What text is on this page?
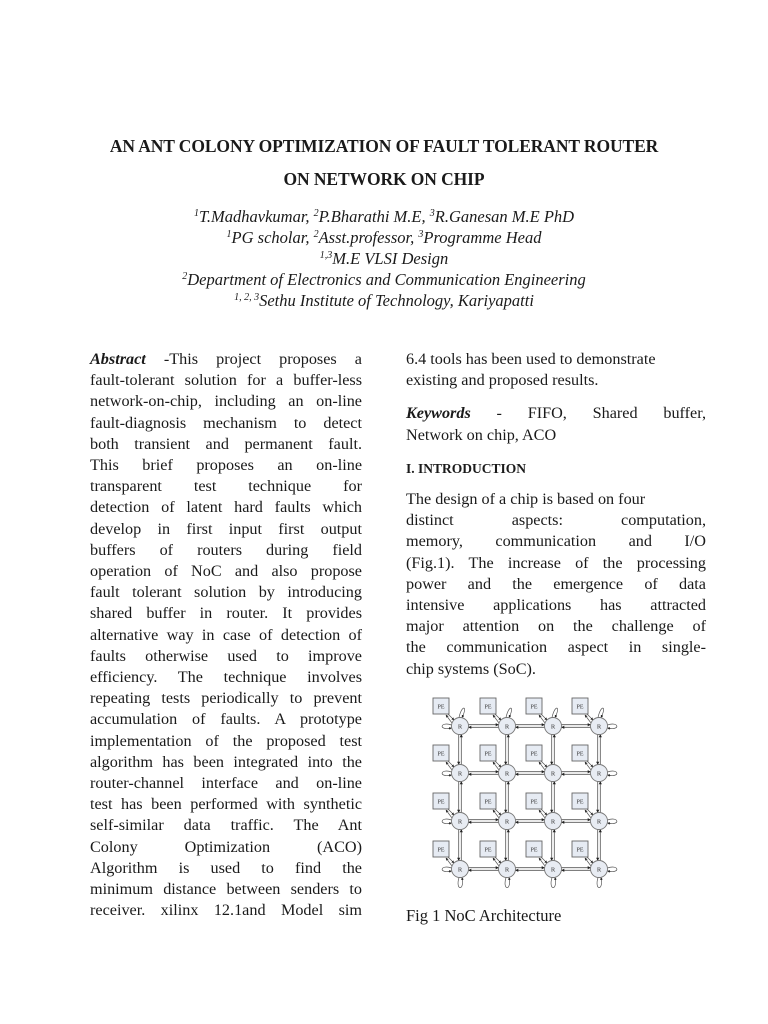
AN ANT COLONY OPTIMIZATION OF FAULT TOLERANT ROUTER
ON NETWORK ON CHIP
$^1$T.Madhavkumar, $^2$P.Bharathi M.E, $^3$R.Ganesan M.E PhD
$^1$PG scholar, $^2$Asst.professor, $^3$Programme Head
$^{1,3}$M.E VLSI Design
$^2$Department of Electronics and Communication Engineering
$^{1, 2, 3}$Sethu Institute of Technology, Kariyapatti
Abstract -This project proposes a
fault-tolerant solution for a buffer-less
network-on-chip, including an on-line
fault-diagnosis mechanism to detect
both transient and permanent fault.
This brief proposes an on-line
transparent test technique for
detection of latent hard faults which
develop in first input first output
buffers of routers during field
operation of NoC and also propose
fault tolerant solution by introducing
shared buffer in router. It provides
alternative way in case of detection of
faults otherwise used to improve
efficiency. The technique involves
repeating tests periodically to prevent
accumulation of faults. A prototype
implementation of the proposed test
algorithm has been integrated into the
router-channel interface and on-line
test has been performed with synthetic
self-similar data traffic. The Ant
Colony Optimization (ACO)
Algorithm is used to find the
minimum distance between senders to
receiver. xilinx 12.1and Model sim
6.4 tools has been used to demonstrate
existing and proposed results.
Keywords - FIFO, Shared buffer,
Network on chip, ACO

I. INTRODUCTION

The design of a chip is based on four
distinct aspects: computation,
memory, communication and I/O
(Fig.1). The increase of the processing
power and the emergence of data
intensive applications has attracted
major attention on the challenge of
the communication aspect in single-
chip systems (SoC).
PE	PE	PE	PE
PE	PE	PE	PE
PE	PE	PE	PE
PE	PE	PE	PE
R	R	R	R
R	R	R	R
R	R	R	R
R	R	R	R
Fig 1 NoC Architecture
